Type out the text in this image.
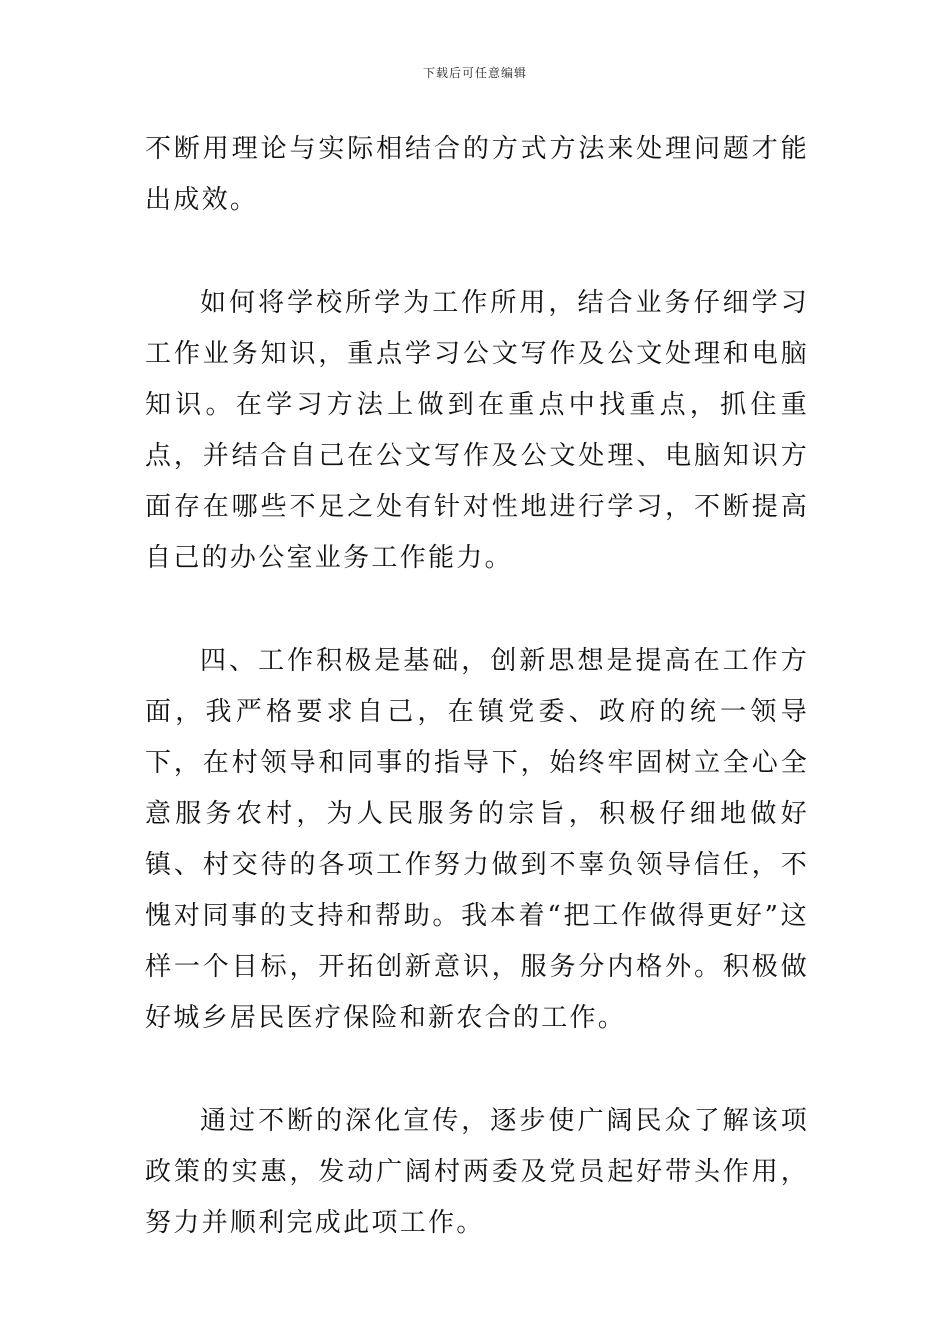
下载后可任意编辑

不断用理论与实际相结合的方式方法来处理问题才能出成效。

如何将学校所学为工作所用，结合业务仔细学习工作业务知识，重点学习公文写作及公文处理和电脑知识。在学习方法上做到在重点中找重点，抓住重点，并结合自己在公文写作及公文处理、电脑知识方面存在哪些不足之处有针对性地进行学习，不断提高自己的办公室业务工作能力。

四、工作积极是基础，创新思想是提高在工作方面，我严格要求自己，在镇党委、政府的统一领导下，在村领导和同事的指导下，始终牢固树立全心全意服务农村，为人民服务的宗旨，积极仔细地做好镇、村交待的各项工作努力做到不辜负领导信任，不愧对同事的支持和帮助。我本着“把工作做得更好”这样一个目标，开拓创新意识，服务分内格外。积极做好城乡居民医疗保险和新农合的工作。

通过不断的深化宣传，逐步使广阔民众了解该项政策的实惠，发动广阔村两委及党员起好带头作用，努力并顺利完成此项工作。
